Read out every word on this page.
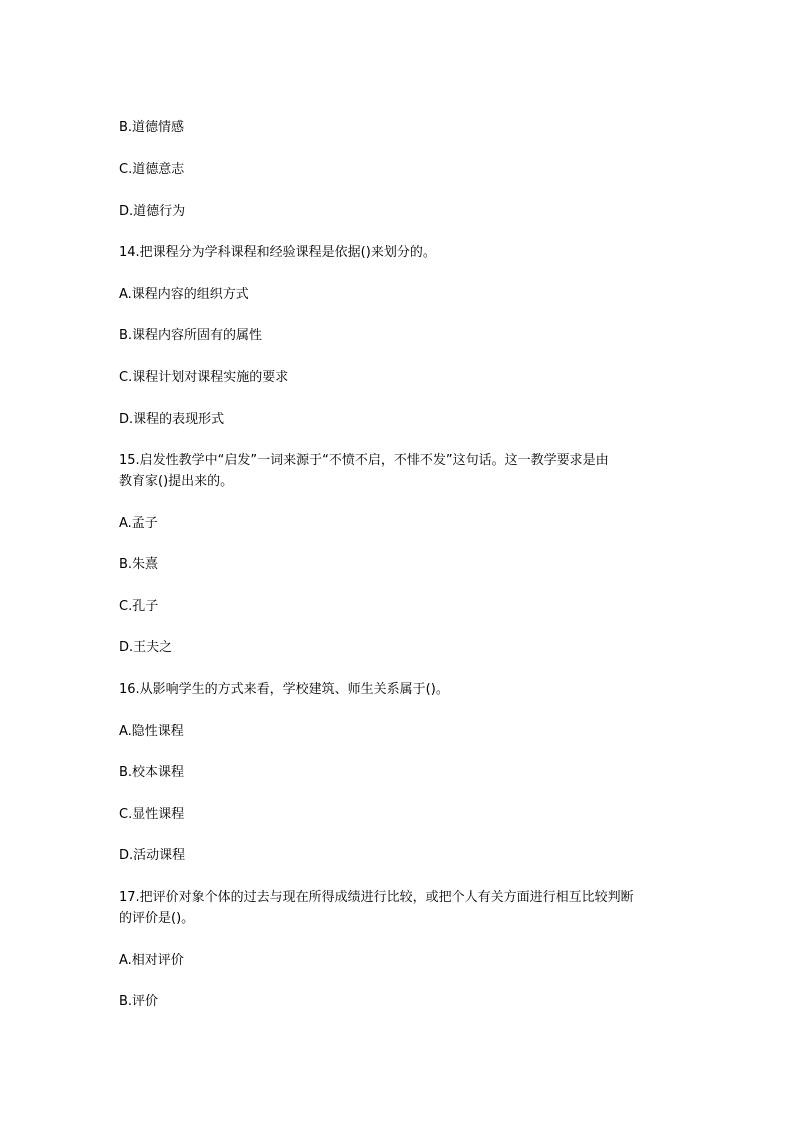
B.道德情感
C.道德意志
D.道德行为
14.把课程分为学科课程和经验课程是依据()来划分的。
A.课程内容的组织方式
B.课程内容所固有的属性
C.课程计划对课程实施的要求
D.课程的表现形式
15.启发性教学中“启发”一词来源于“不愤不启，不悱不发”这句话。这一教学要求是由
教育家()提出来的。
A.孟子
B.朱熹
C.孔子
D.王夫之
16.从影响学生的方式来看，学校建筑、师生关系属于()。
A.隐性课程
B.校本课程
C.显性课程
D.活动课程
17.把评价对象个体的过去与现在所得成绩进行比较，或把个人有关方面进行相互比较判断
的评价是()。
A.相对评价
B.评价
